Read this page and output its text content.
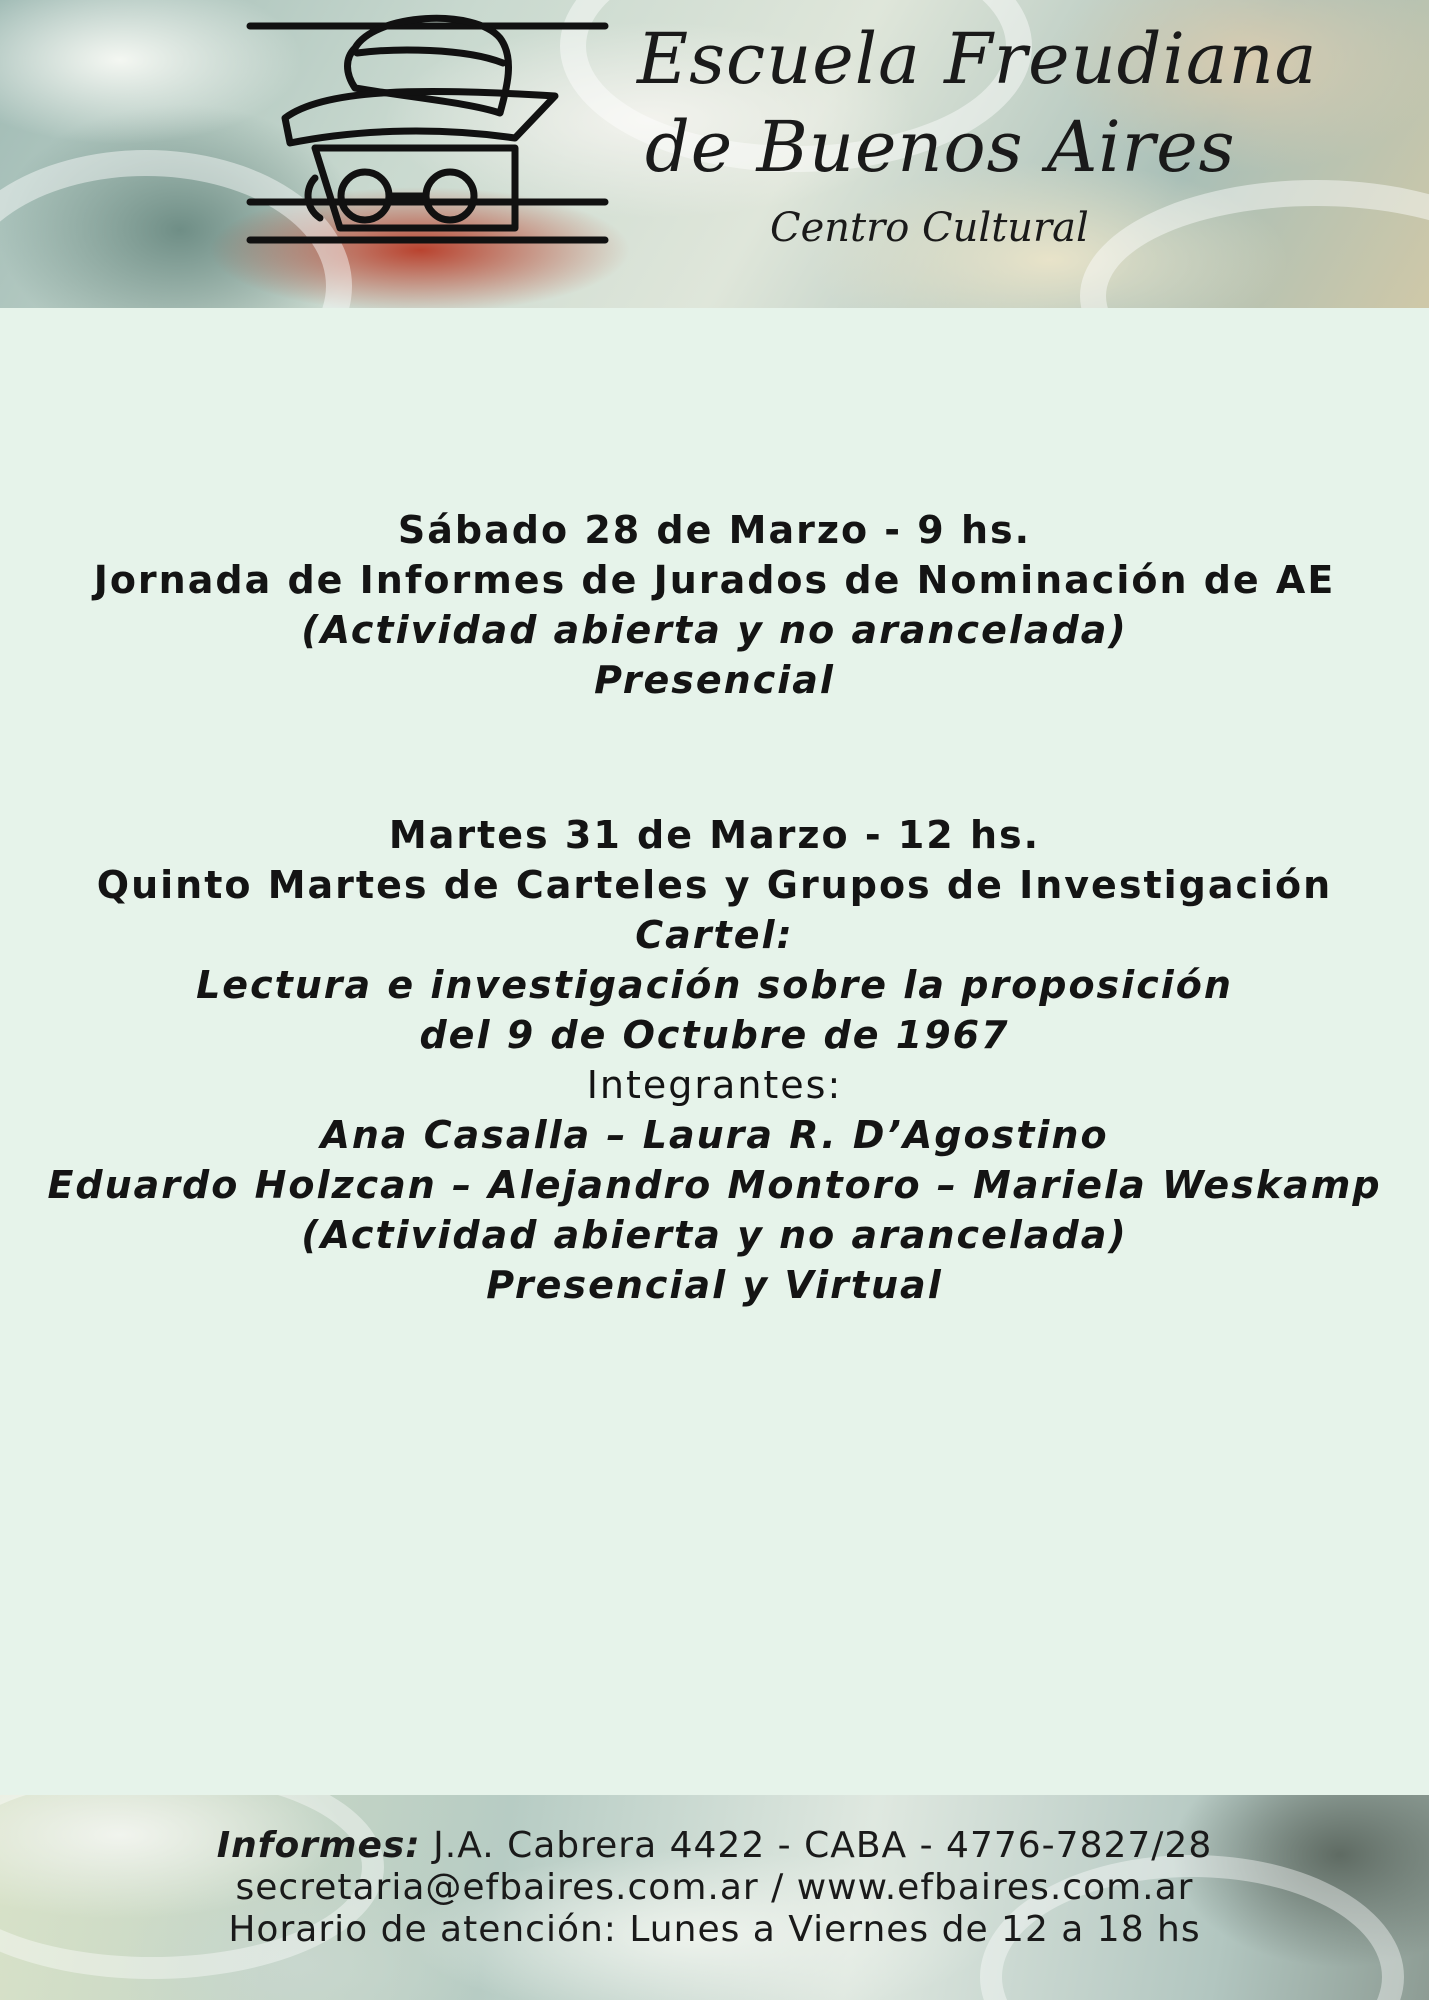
Escuela Freudiana
de Buenos Aires
Centro Cultural
Sábado 28 de Marzo - 9 hs.
Jornada de Informes de Jurados de Nominación de AE
(Actividad abierta y no arancelada)
Presencial
Martes 31 de Marzo - 12 hs.
Quinto Martes de Carteles y Grupos de Investigación
Cartel:
Lectura e investigación sobre la proposición
del 9 de Octubre de 1967
Integrantes:
Ana Casalla – Laura R. D’Agostino
Eduardo Holzcan – Alejandro Montoro – Mariela Weskamp
(Actividad abierta y no arancelada)
Presencial y Virtual
Informes: J.A. Cabrera 4422 - CABA - 4776-7827/28
secretaria@efbaires.com.ar / www.efbaires.com.ar
Horario de atención: Lunes a Viernes de 12 a 18 hs
